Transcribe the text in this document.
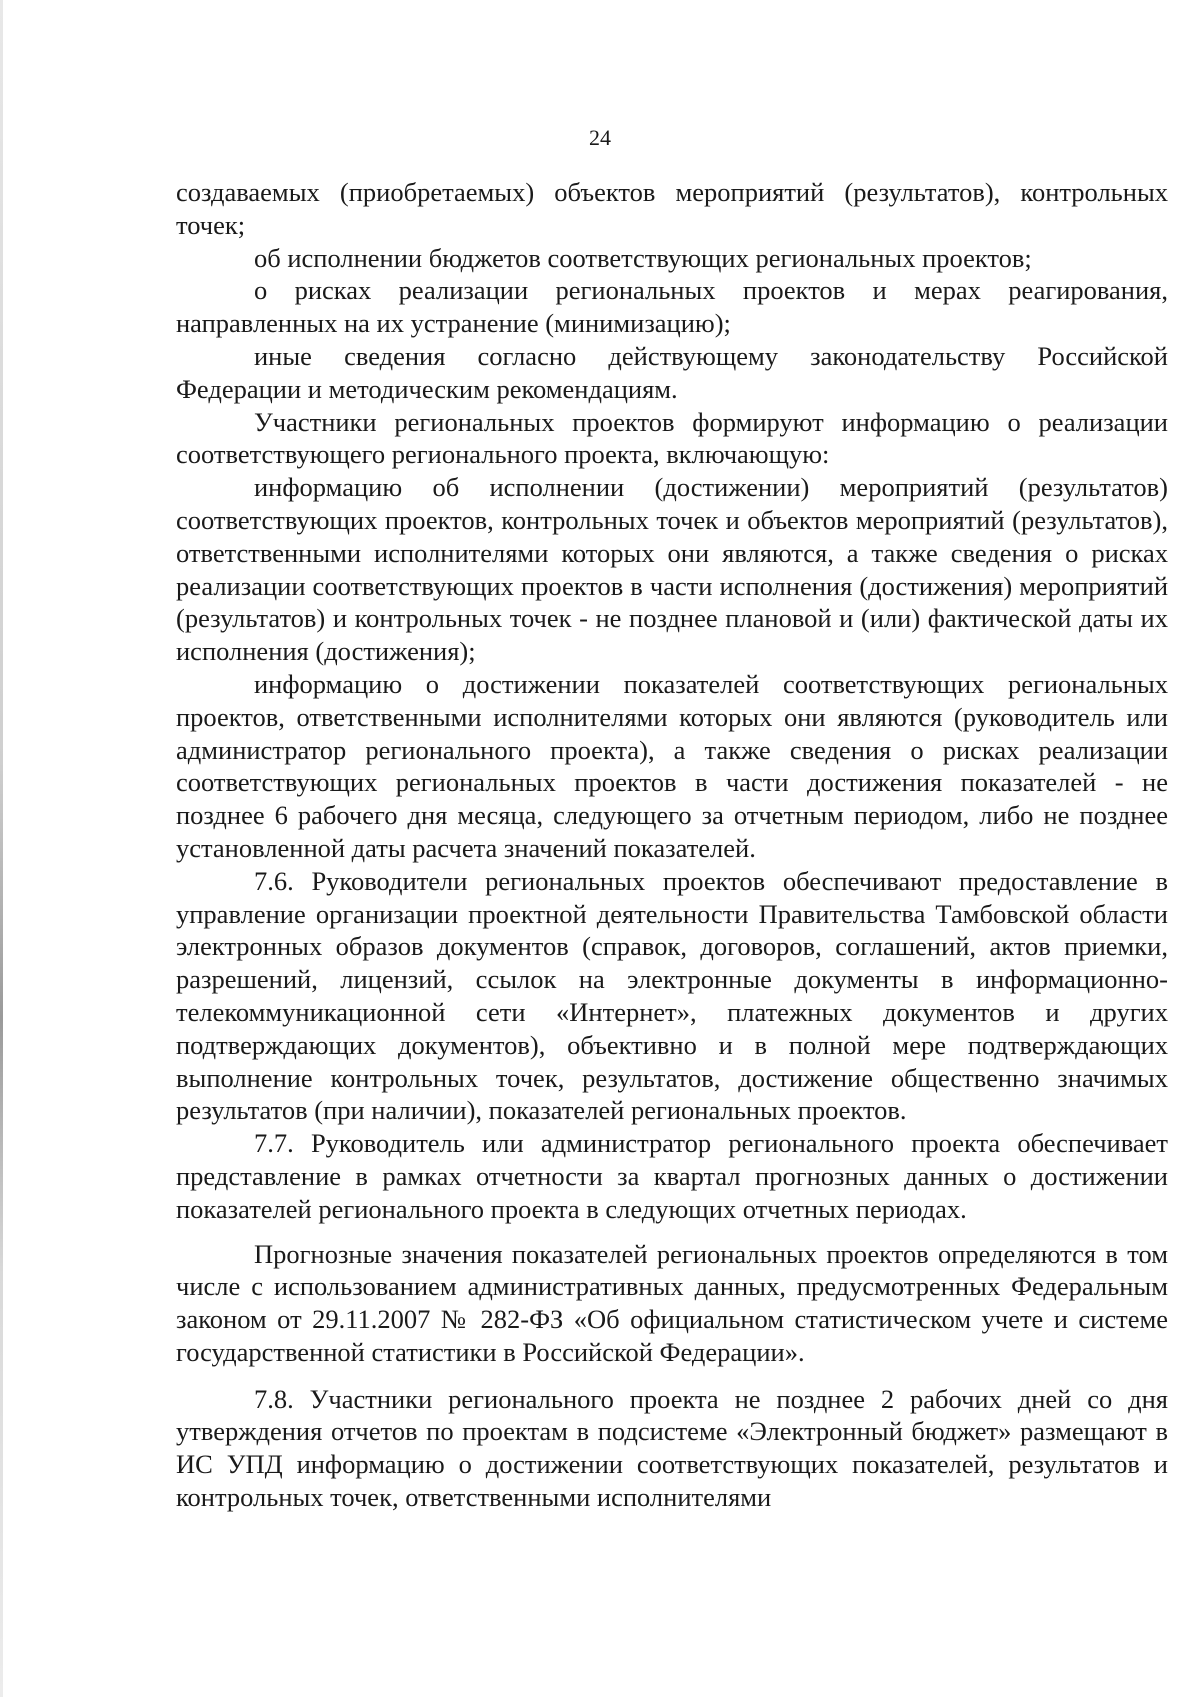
24

создаваемых (приобретаемых) объектов мероприятий (результатов), контрольных точек;

об исполнении бюджетов соответствующих региональных проектов;

о рисках реализации региональных проектов и мерах реагирования, направленных на их устранение (минимизацию);

иные сведения согласно действующему законодательству Российской Федерации и методическим рекомендациям.

Участники региональных проектов формируют информацию о реализации соответствующего регионального проекта, включающую:

информацию об исполнении (достижении) мероприятий (результатов) соответствующих проектов, контрольных точек и объектов мероприятий (результатов), ответственными исполнителями которых они являются, а также сведения о рисках реализации соответствующих проектов в части исполнения (достижения) мероприятий (результатов) и контрольных точек - не позднее плановой и (или) фактической даты их исполнения (достижения);

информацию о достижении показателей соответствующих региональных проектов, ответственными исполнителями которых они являются (руководитель или администратор регионального проекта), а также сведения о рисках реализации соответствующих региональных проектов в части достижения показателей - не позднее 6 рабочего дня месяца, следующего за отчетным периодом, либо не позднее установленной даты расчета значений показателей.

7.6. Руководители региональных проектов обеспечивают предоставление в управление организации проектной деятельности Правительства Тамбовской области электронных образов документов (справок, договоров, соглашений, актов приемки, разрешений, лицензий, ссылок на электронные документы в информационно-телекоммуникационной сети «Интернет», платежных документов и других подтверждающих документов), объективно и в полной мере подтверждающих выполнение контрольных точек, результатов, достижение общественно значимых результатов (при наличии), показателей региональных проектов.

7.7. Руководитель или администратор регионального проекта обеспечивает представление в рамках отчетности за квартал прогнозных данных о достижении показателей регионального проекта в следующих отчетных периодах.

Прогнозные значения показателей региональных проектов определяются в том числе с использованием административных данных, предусмотренных Федеральным законом от 29.11.2007 № 282-ФЗ «Об официальном статистическом учете и системе государственной статистики в Российской Федерации».

7.8. Участники регионального проекта не позднее 2 рабочих дней со дня утверждения отчетов по проектам в подсистеме «Электронный бюджет» размещают в ИС УПД информацию о достижении соответствующих показателей, результатов и контрольных точек, ответственными исполнителями
